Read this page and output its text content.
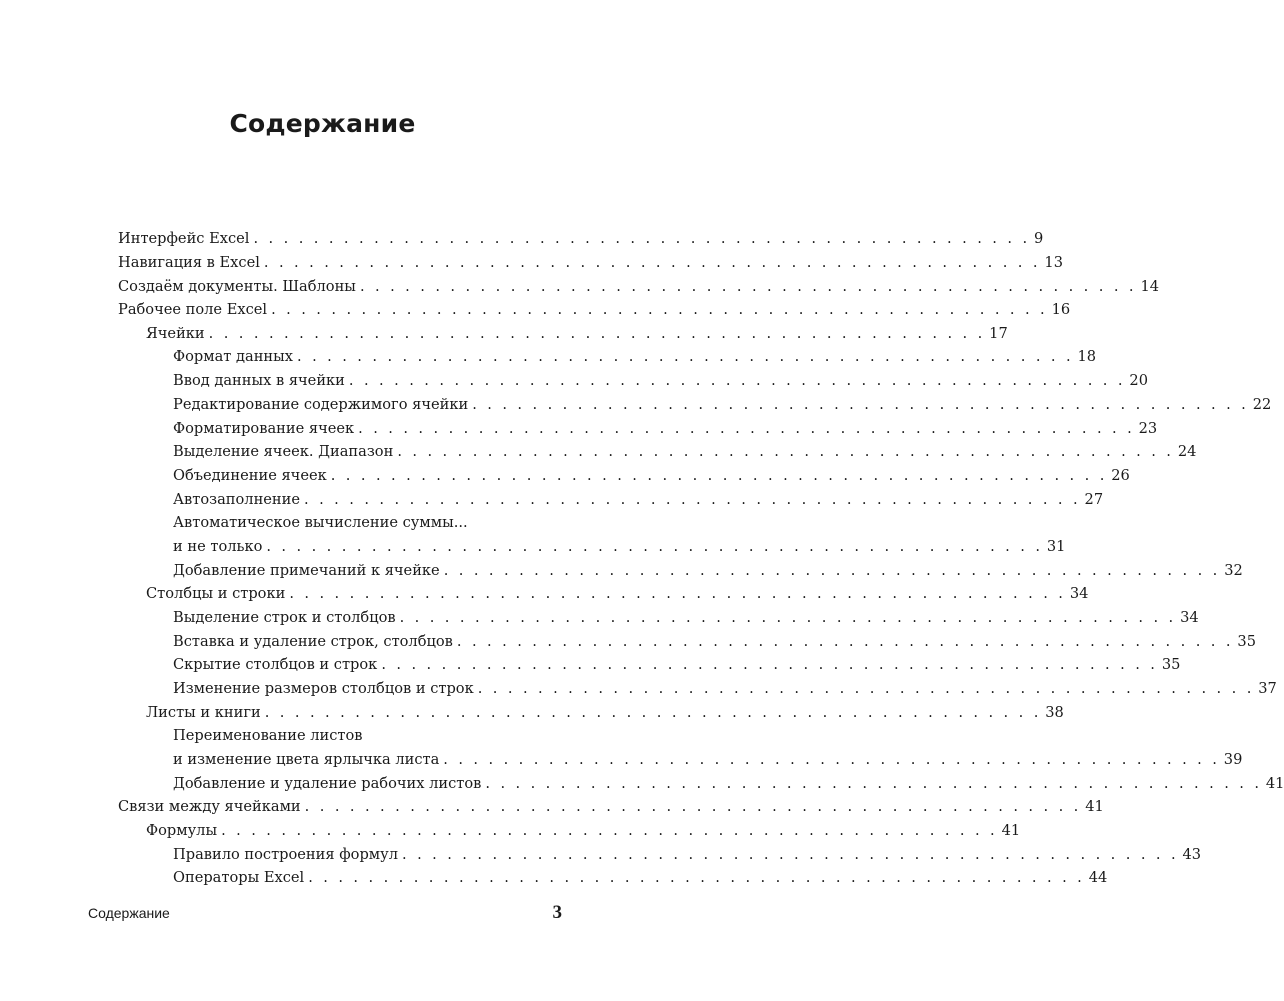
Содержание
Интерфейс Excel . . . . . . . . . . . . . . . . . . . . . . . . . . . . . . . . . . . . . . . . . . . . . . . . . . . . 9
Навигация в Excel . . . . . . . . . . . . . . . . . . . . . . . . . . . . . . . . . . . . . . . . . . . . . . . . . . . . 13
Создаём документы. Шаблоны . . . . . . . . . . . . . . . . . . . . . . . . . . . . . . . . . . . . . . . . . . . . . . . . . . . . 14
Рабочее поле Excel . . . . . . . . . . . . . . . . . . . . . . . . . . . . . . . . . . . . . . . . . . . . . . . . . . . . 16
Ячейки . . . . . . . . . . . . . . . . . . . . . . . . . . . . . . . . . . . . . . . . . . . . . . . . . . . . 17
Формат данных . . . . . . . . . . . . . . . . . . . . . . . . . . . . . . . . . . . . . . . . . . . . . . . . . . . . 18
Ввод данных в ячейки . . . . . . . . . . . . . . . . . . . . . . . . . . . . . . . . . . . . . . . . . . . . . . . . . . . . 20
Редактирование содержимого ячейки . . . . . . . . . . . . . . . . . . . . . . . . . . . . . . . . . . . . . . . . . . . . . . . . . . . . 22
Форматирование ячеек . . . . . . . . . . . . . . . . . . . . . . . . . . . . . . . . . . . . . . . . . . . . . . . . . . . . 23
Выделение ячеек. Диапазон . . . . . . . . . . . . . . . . . . . . . . . . . . . . . . . . . . . . . . . . . . . . . . . . . . . . 24
Объединение ячеек . . . . . . . . . . . . . . . . . . . . . . . . . . . . . . . . . . . . . . . . . . . . . . . . . . . . 26
Автозаполнение . . . . . . . . . . . . . . . . . . . . . . . . . . . . . . . . . . . . . . . . . . . . . . . . . . . . 27
Автоматическое вычисление суммы...
и не только . . . . . . . . . . . . . . . . . . . . . . . . . . . . . . . . . . . . . . . . . . . . . . . . . . . . 31
Добавление примечаний к ячейке . . . . . . . . . . . . . . . . . . . . . . . . . . . . . . . . . . . . . . . . . . . . . . . . . . . . 32
Столбцы и строки . . . . . . . . . . . . . . . . . . . . . . . . . . . . . . . . . . . . . . . . . . . . . . . . . . . . 34
Выделение строк и столбцов . . . . . . . . . . . . . . . . . . . . . . . . . . . . . . . . . . . . . . . . . . . . . . . . . . . . 34
Вставка и удаление строк, столбцов . . . . . . . . . . . . . . . . . . . . . . . . . . . . . . . . . . . . . . . . . . . . . . . . . . . . 35
Скрытие столбцов и строк . . . . . . . . . . . . . . . . . . . . . . . . . . . . . . . . . . . . . . . . . . . . . . . . . . . . 35
Изменение размеров столбцов и строк . . . . . . . . . . . . . . . . . . . . . . . . . . . . . . . . . . . . . . . . . . . . . . . . . . . . 37
Листы и книги . . . . . . . . . . . . . . . . . . . . . . . . . . . . . . . . . . . . . . . . . . . . . . . . . . . . 38
Переименование листов
и изменение цвета ярлычка листа . . . . . . . . . . . . . . . . . . . . . . . . . . . . . . . . . . . . . . . . . . . . . . . . . . . . 39
Добавление и удаление рабочих листов . . . . . . . . . . . . . . . . . . . . . . . . . . . . . . . . . . . . . . . . . . . . . . . . . . . . 41
Связи между ячейками . . . . . . . . . . . . . . . . . . . . . . . . . . . . . . . . . . . . . . . . . . . . . . . . . . . . 41
Формулы . . . . . . . . . . . . . . . . . . . . . . . . . . . . . . . . . . . . . . . . . . . . . . . . . . . . 41
Правило построения формул . . . . . . . . . . . . . . . . . . . . . . . . . . . . . . . . . . . . . . . . . . . . . . . . . . . . 43
Операторы Excel . . . . . . . . . . . . . . . . . . . . . . . . . . . . . . . . . . . . . . . . . . . . . . . . . . . . 44
Содержание	3
